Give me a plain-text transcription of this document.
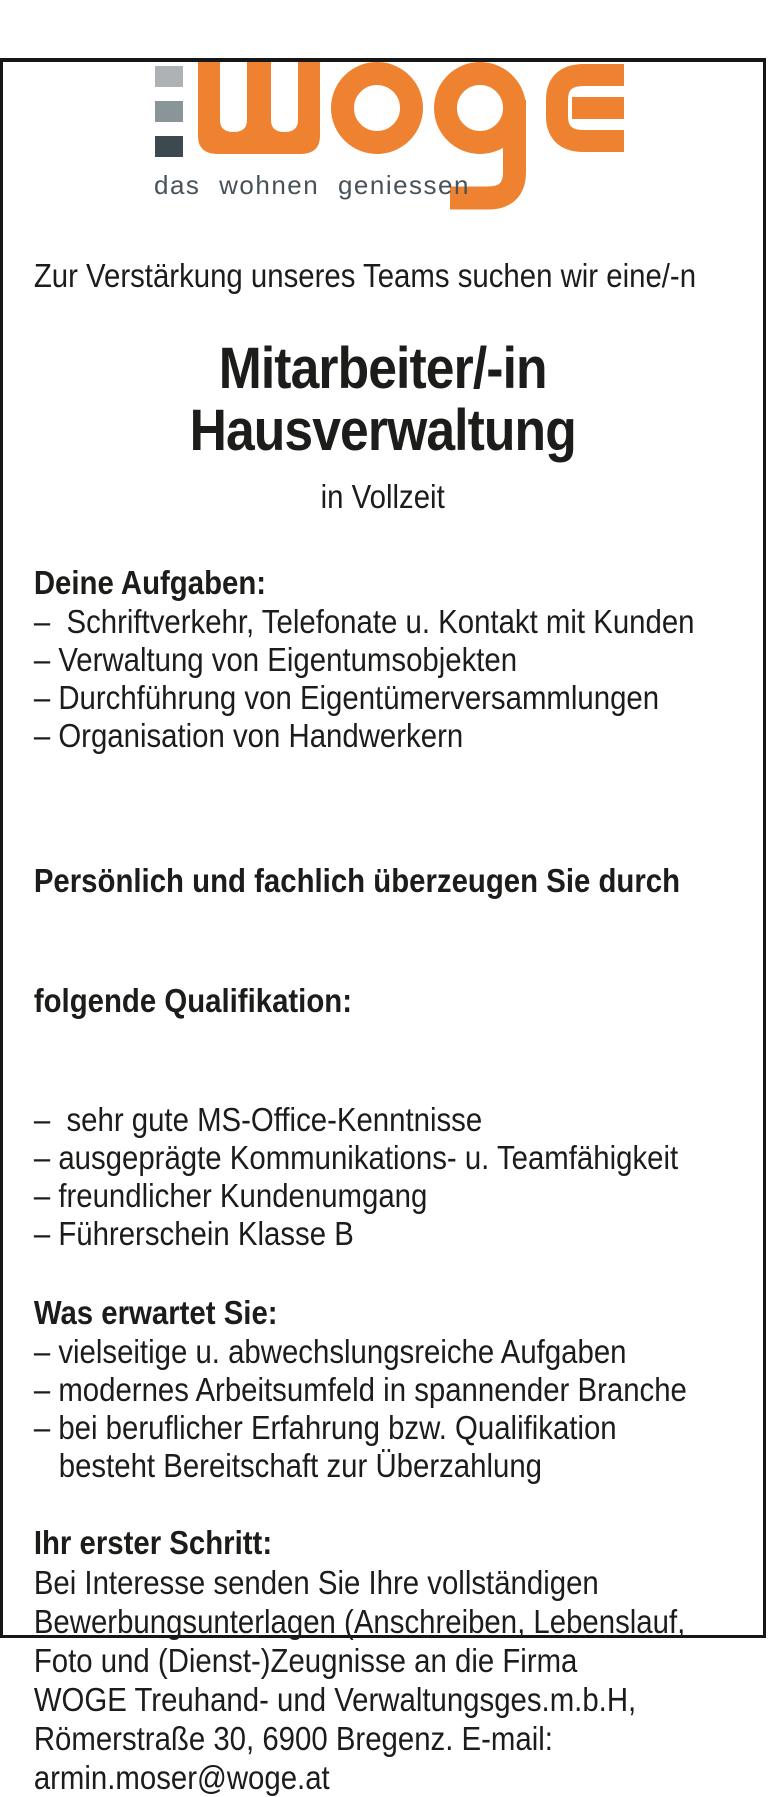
das wohnen geniessen

Zur Verstärkung unseres Teams suchen wir eine/-n

Mitarbeiter/-in
Hausverwaltung

in Vollzeit

Deine Aufgaben:

–  Schriftverkehr, Telefonate u. Kontakt mit Kunden

– Verwaltung von Eigentumsobjekten

– Durchführung von Eigentümerversammlungen

– Organisation von Handwerkern

Persönlich und fachlich überzeugen Sie durch

folgende Qualifikation:

–  sehr gute MS-Office-Kenntnisse

– ausgeprägte Kommunikations- u. Teamfähigkeit

– freundlicher Kundenumgang

– Führerschein Klasse B

Was erwartet Sie:

– vielseitige u. abwechslungsreiche Aufgaben

– modernes Arbeitsumfeld in spannender Branche

– bei beruflicher Erfahrung bzw. Qualifikation

besteht Bereitschaft zur Überzahlung

Ihr erster Schritt:

Bei Interesse senden Sie Ihre vollständigen

Bewerbungsunterlagen (Anschreiben, Lebenslauf,

Foto und (Dienst-)Zeugnisse an die Firma

WOGE Treuhand- und Verwaltungsges.m.b.H,

Römerstraße 30, 6900 Bregenz. E-mail:

armin.moser@woge.at
